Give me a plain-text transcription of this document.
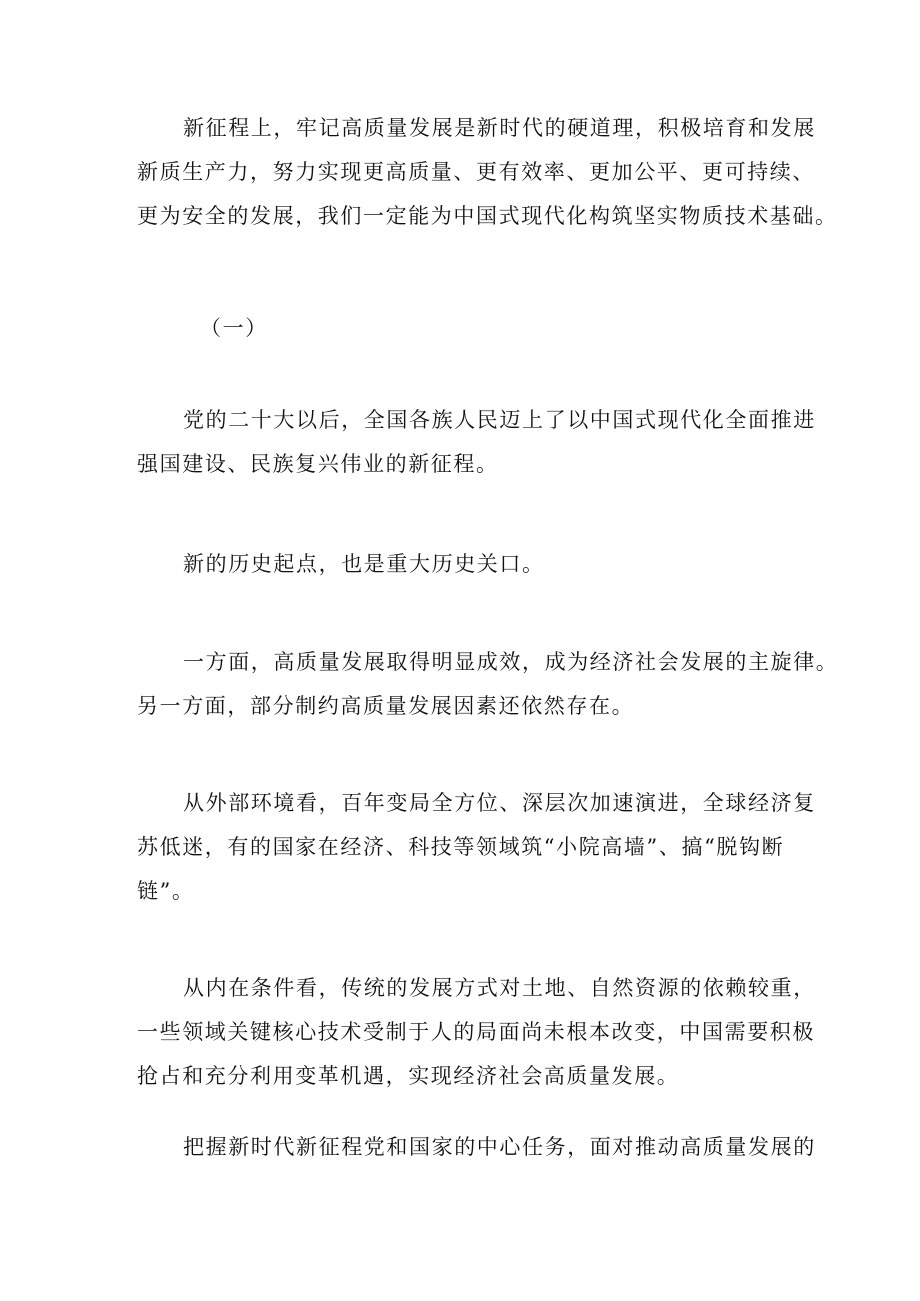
新征程上，牢记高质量发展是新时代的硬道理，积极培育和发展
新质生产力，努力实现更高质量、更有效率、更加公平、更可持续、
更为安全的发展，我们一定能为中国式现代化构筑坚实物质技术基础。

（一）

党的二十大以后，全国各族人民迈上了以中国式现代化全面推进
强国建设、民族复兴伟业的新征程。

新的历史起点，也是重大历史关口。

一方面，高质量发展取得明显成效，成为经济社会发展的主旋律。
另一方面，部分制约高质量发展因素还依然存在。

从外部环境看，百年变局全方位、深层次加速演进，全球经济复
苏低迷，有的国家在经济、科技等领域筑“小院高墙”、搞“脱钩断
链”。

从内在条件看，传统的发展方式对土地、自然资源的依赖较重，
一些领域关键核心技术受制于人的局面尚未根本改变，中国需要积极
抢占和充分利用变革机遇，实现经济社会高质量发展。

把握新时代新征程党和国家的中心任务，面对推动高质量发展的
